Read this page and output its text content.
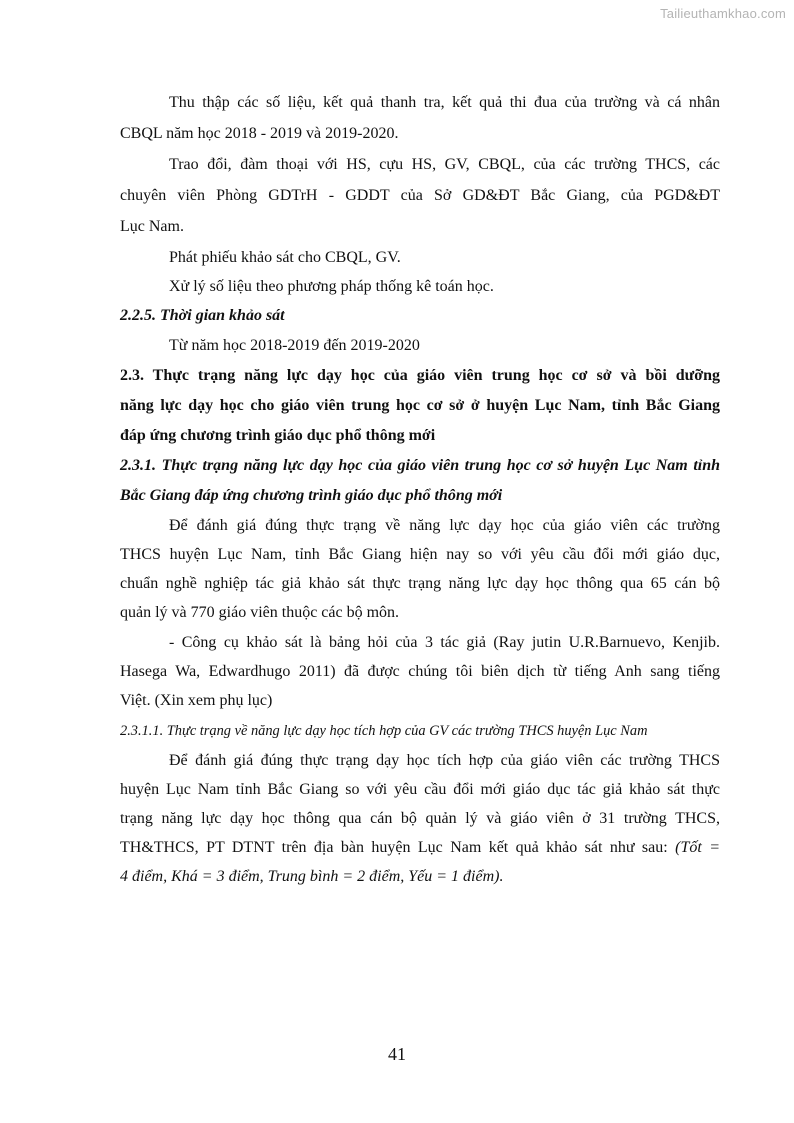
Tailieuthamkhao.com
Thu thập các số liệu, kết quả thanh tra, kết quả thi đua của trường và cá nhân
CBQL năm học 2018 - 2019 và 2019-2020.
Trao đổi, đàm thoại với HS, cựu HS, GV, CBQL, của các trường THCS, các
chuyên viên Phòng GDTrH - GDDT của Sở GD&ĐT Bắc Giang, của PGD&ĐT
Lục Nam.
Phát phiếu khảo sát cho CBQL, GV.
Xử lý số liệu theo phương pháp thống kê toán học.
2.2.5. Thời gian khảo sát
Từ năm học 2018-2019 đến 2019-2020
2.3. Thực trạng năng lực dạy học của giáo viên trung học cơ sở và bồi dưỡng
năng lực dạy học cho giáo viên trung học cơ sở ở huyện Lục Nam, tỉnh Bắc Giang
đáp ứng chương trình giáo dục phổ thông mới
2.3.1. Thực trạng năng lực dạy học của giáo viên trung học cơ sở huyện Lục Nam tỉnh
Bắc Giang đáp ứng chương trình giáo dục phổ thông mới
Để đánh giá đúng thực trạng về năng lực dạy học của giáo viên các trường
THCS huyện Lục Nam, tỉnh Bắc Giang hiện nay so với yêu cầu đổi mới giáo dục,
chuẩn nghề nghiệp tác giả khảo sát thực trạng năng lực dạy học thông qua 65 cán bộ
quản lý và 770 giáo viên thuộc các bộ môn.
- Công cụ khảo sát là bảng hỏi của 3 tác giả (Ray jutin U.R.Barnuevo, Kenjib.
Hasega Wa, Edwardhugo 2011) đã được chúng tôi biên dịch từ tiếng Anh sang tiếng
Việt. (Xin xem phụ lục)
2.3.1.1. Thực trạng về năng lực dạy học tích hợp của GV các trường THCS huyện Lục Nam
Để đánh giá đúng thực trạng dạy học tích hợp của giáo viên các trường THCS
huyện Lục Nam tỉnh Bắc Giang so với yêu cầu đổi mới giáo dục tác giả khảo sát thực
trạng năng lực dạy học thông qua cán bộ quản lý và giáo viên ở 31 trường THCS,
TH&THCS, PT DTNT trên địa bàn huyện Lục Nam kết quả khảo sát như sau: (Tốt =
4 điểm, Khá = 3 điểm, Trung bình = 2 điểm, Yếu = 1 điểm).
41
